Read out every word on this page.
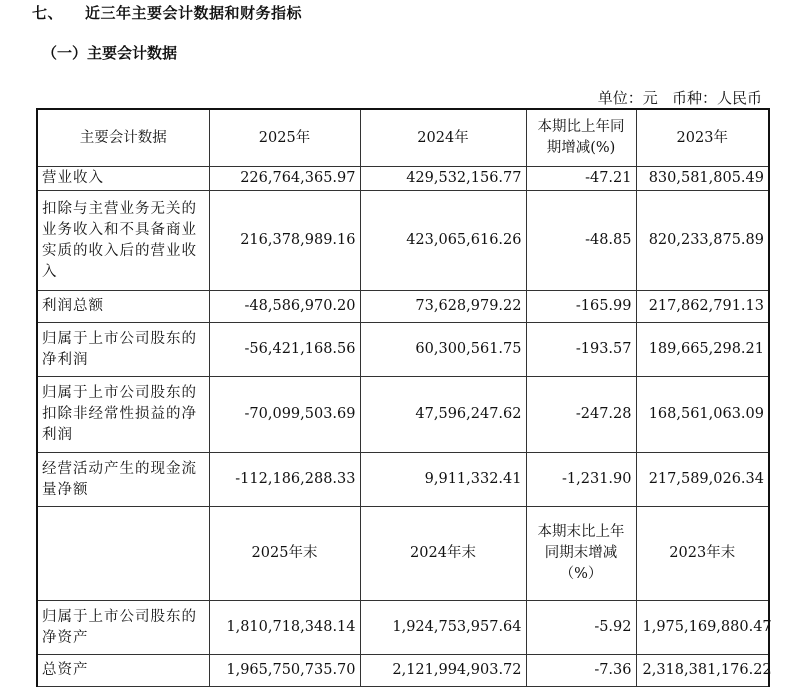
七、 近三年主要会计数据和财务指标
（一）主要会计数据
单位：元   币种：人民币
主要会计数据	2025年	2024年	本期比上年同期增减(%)	2023年
营业收入	226,764,365.97	429,532,156.77	-47.21	830,581,805.49
扣除与主营业务无关的业务收入和不具备商业实质的收入后的营业收入	216,378,989.16	423,065,616.26	-48.85	820,233,875.89
利润总额	-48,586,970.20	73,628,979.22	-165.99	217,862,791.13
归属于上市公司股东的净利润	-56,421,168.56	60,300,561.75	-193.57	189,665,298.21
归属于上市公司股东的扣除非经常性损益的净利润	-70,099,503.69	47,596,247.62	-247.28	168,561,063.09
经营活动产生的现金流量净额	-112,186,288.33	9,911,332.41	-1,231.90	217,589,026.34
	2025年末	2024年末	本期末比上年同期末增减（%）	2023年末
归属于上市公司股东的净资产	1,810,718,348.14	1,924,753,957.64	-5.92	1,975,169,880.47
总资产	1,965,750,735.70	2,121,994,903.72	-7.36	2,318,381,176.22
